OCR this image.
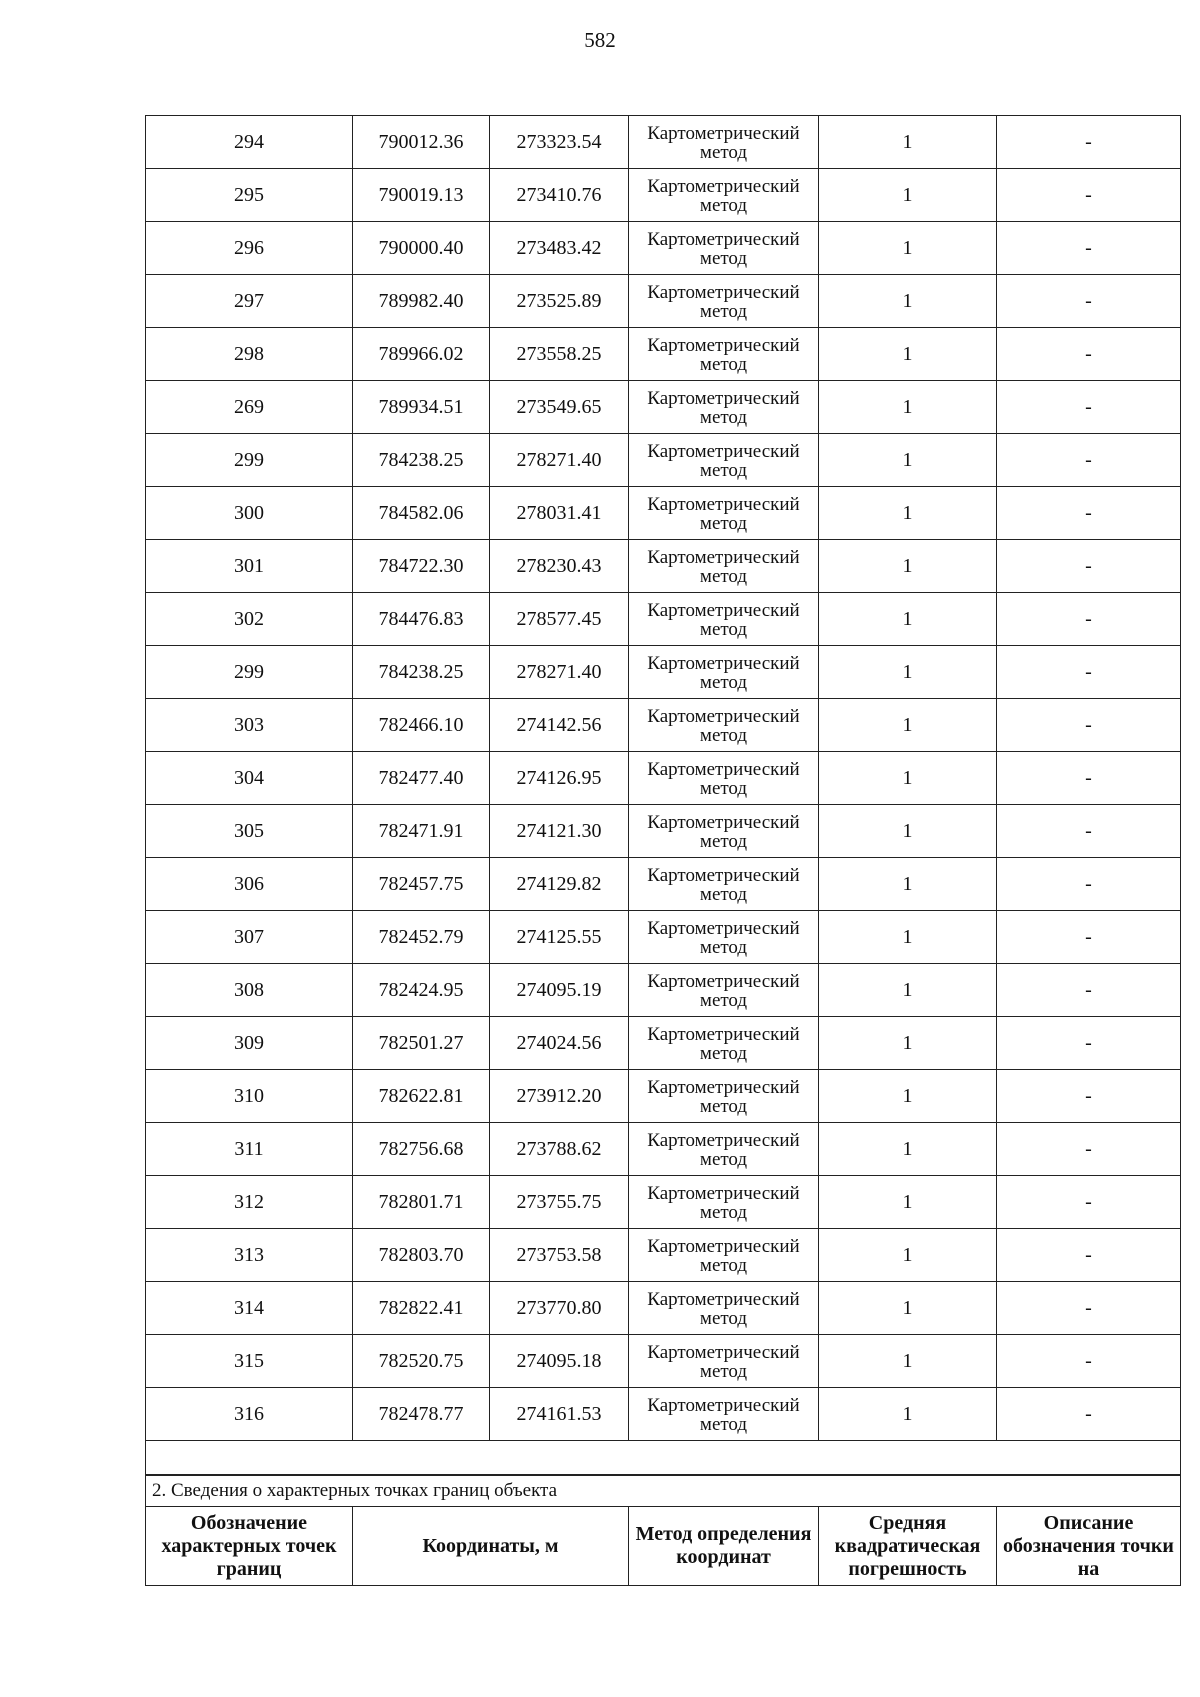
582
294	790012.36	273323.54	Картометрический метод	1	-
295	790019.13	273410.76	Картометрический метод	1	-
296	790000.40	273483.42	Картометрический метод	1	-
297	789982.40	273525.89	Картометрический метод	1	-
298	789966.02	273558.25	Картометрический метод	1	-
269	789934.51	273549.65	Картометрический метод	1	-
299	784238.25	278271.40	Картометрический метод	1	-
300	784582.06	278031.41	Картометрический метод	1	-
301	784722.30	278230.43	Картометрический метод	1	-
302	784476.83	278577.45	Картометрический метод	1	-
299	784238.25	278271.40	Картометрический метод	1	-
303	782466.10	274142.56	Картометрический метод	1	-
304	782477.40	274126.95	Картометрический метод	1	-
305	782471.91	274121.30	Картометрический метод	1	-
306	782457.75	274129.82	Картометрический метод	1	-
307	782452.79	274125.55	Картометрический метод	1	-
308	782424.95	274095.19	Картометрический метод	1	-
309	782501.27	274024.56	Картометрический метод	1	-
310	782622.81	273912.20	Картометрический метод	1	-
311	782756.68	273788.62	Картометрический метод	1	-
312	782801.71	273755.75	Картометрический метод	1	-
313	782803.70	273753.58	Картометрический метод	1	-
314	782822.41	273770.80	Картометрический метод	1	-
315	782520.75	274095.18	Картометрический метод	1	-
316	782478.77	274161.53	Картометрический метод	1	-

2. Сведения о характерных точках границ объекта
Обозначение характерных точек границ	Координаты, м	Метод определения координат	Средняя квадратическая погрешность	Описание обозначения точки на
